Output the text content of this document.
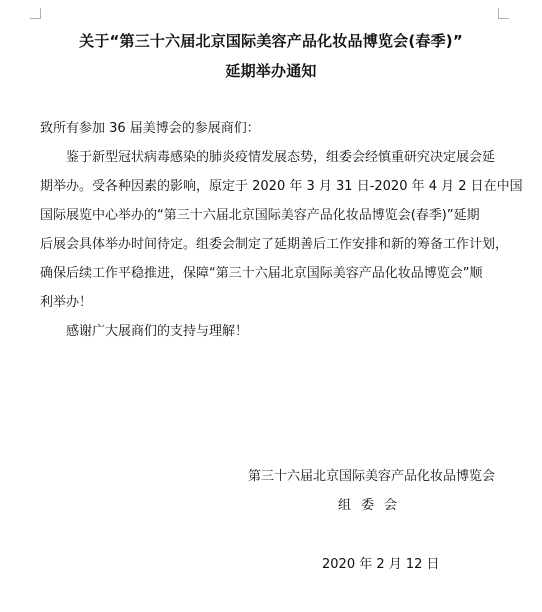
关于“第三十六届北京国际美容产品化妆品博览会(春季)”
延期举办通知
致所有参加 36 届美博会的参展商们：
鉴于新型冠状病毒感染的肺炎疫情发展态势，组委会经慎重研究决定展会延
期举办。受各种因素的影响，原定于 2020 年 3 月 31 日-2020 年 4 月 2 日在中国
国际展览中心举办的“第三十六届北京国际美容产品化妆品博览会(春季)”延期
后展会具体举办时间待定。组委会制定了延期善后工作安排和新的筹备工作计划，
确保后续工作平稳推进，保障“第三十六届北京国际美容产品化妆品博览会”顺
利举办！
感谢广大展商们的支持与理解！
第三十六届北京国际美容产品化妆品博览会
组委会
2020 年 2 月 12 日
